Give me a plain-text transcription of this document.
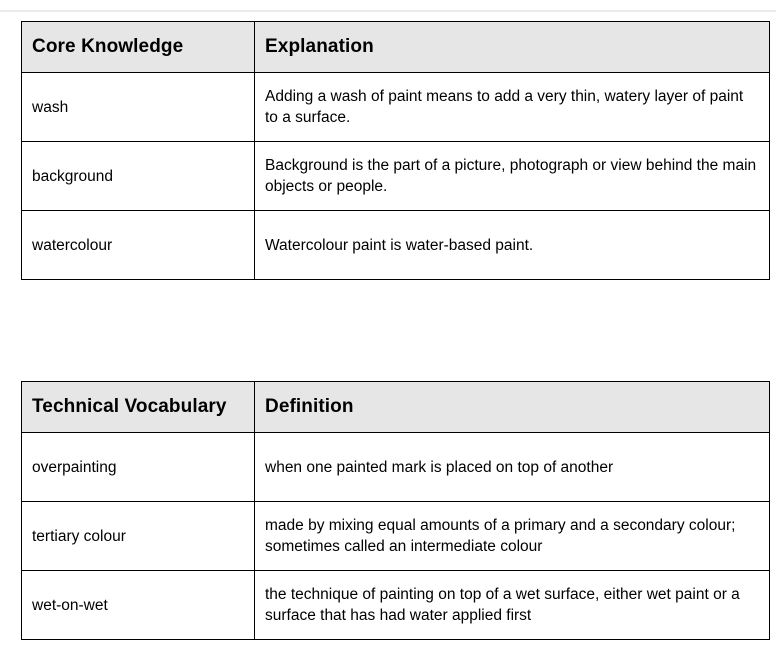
Core Knowledge	Explanation
wash	Adding a wash of paint means to add a very thin, watery layer of paint to a surface.
background	Background is the part of a picture, photograph or view behind the main objects or people.
watercolour	Watercolour paint is water-based paint.
Technical Vocabulary	Definition
overpainting	when one painted mark is placed on top of another
tertiary colour	made by mixing equal amounts of a primary and a secondary colour; sometimes called an intermediate colour
wet-on-wet	the technique of painting on top of a wet surface, either wet paint or a surface that has had water applied first
